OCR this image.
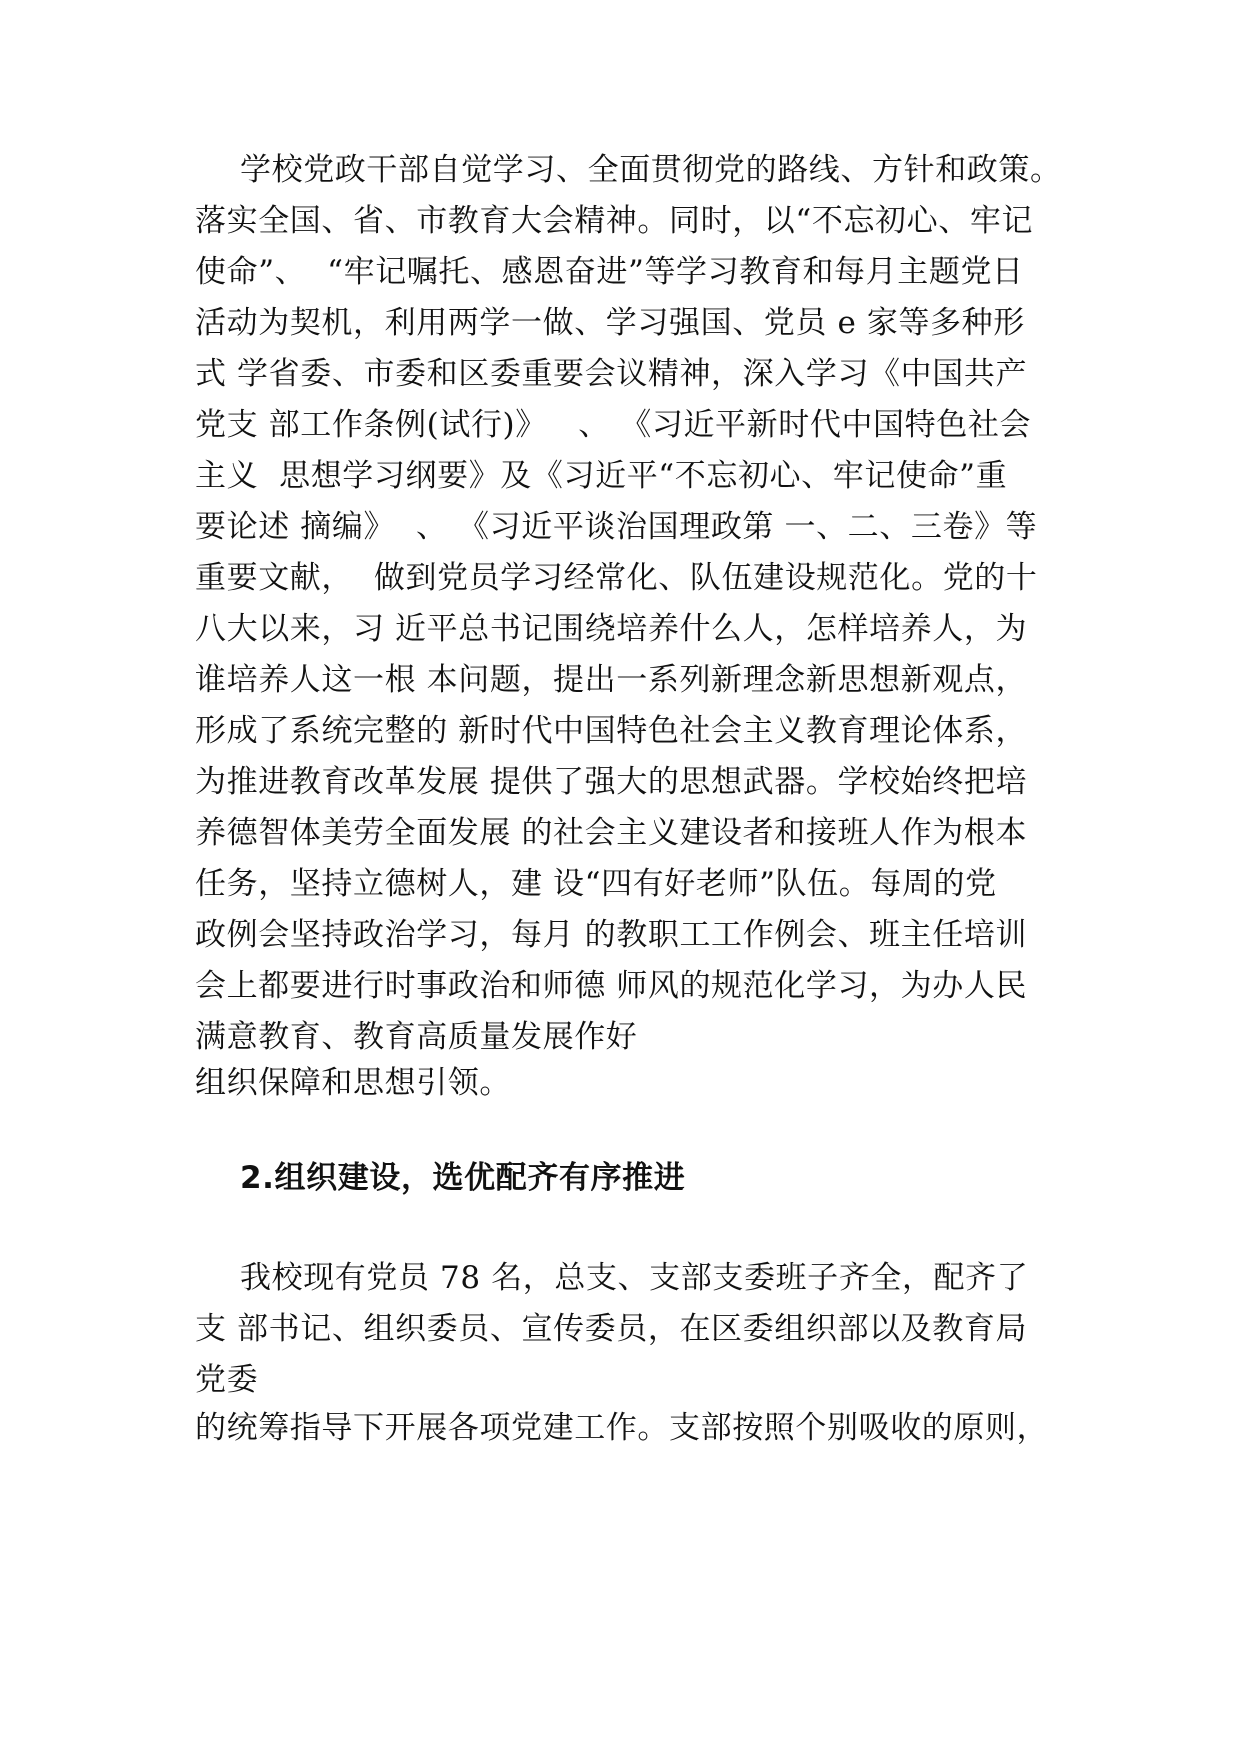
学校党政干部自觉学习、全面贯彻党的路线、方针和政策。
落实全国、省、市教育大会精神。同时，以“不忘初心、牢记
使命”、  “牢记嘱托、感恩奋进”等学习教育和每月主题党日
活动为契机，利用两学一做、学习强国、党员 e 家等多种形
式 学省委、市委和区委重要会议精神，深入学习《中国共产
党支 部工作条例(试行)》   、 《习近平新时代中国特色社会
主义  思想学习纲要》及《习近平“不忘初心、牢记使命”重
要论述 摘编》  、 《习近平谈治国理政第 一、二、三卷》等
重要文献，  做到党员学习经常化、队伍建设规范化。党的十
八大以来，习 近平总书记围绕培养什么人，怎样培养人，为
谁培养人这一根 本问题，提出一系列新理念新思想新观点，
形成了系统完整的 新时代中国特色社会主义教育理论体系，
为推进教育改革发展 提供了强大的思想武器。学校始终把培
养德智体美劳全面发展 的社会主义建设者和接班人作为根本
任务，坚持立德树人，建 设“四有好老师”队伍。每周的党
政例会坚持政治学习，每月 的教职工工作例会、班主任培训
会上都要进行时事政治和师德 师风的规范化学习，为办人民
满意教育、教育高质量发展作好
组织保障和思想引领。
2.组织建设，选优配齐有序推进
我校现有党员 78 名，总支、支部支委班子齐全，配齐了
支 部书记、组织委员、宣传委员，在区委组织部以及教育局
党委
的统筹指导下开展各项党建工作。支部按照个别吸收的原则，
